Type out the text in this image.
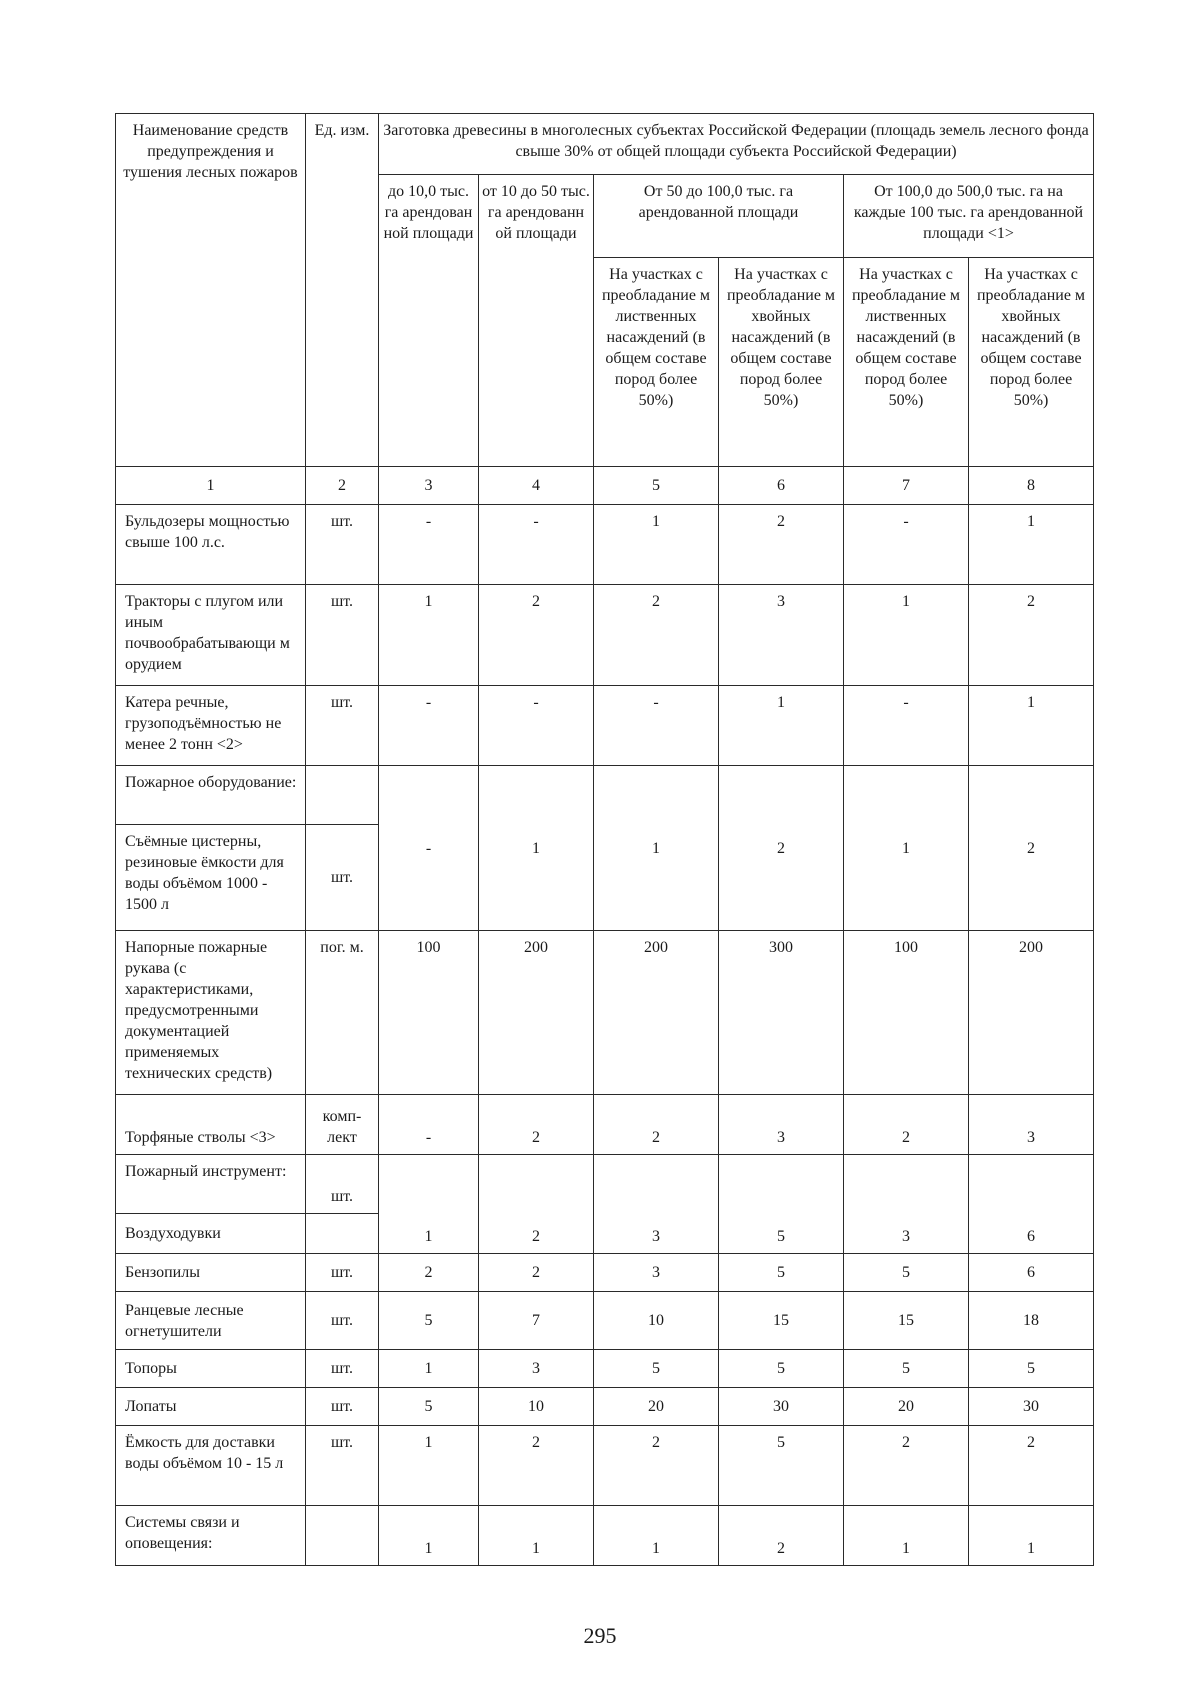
Наименование средств предупреждения и тушения лесных пожаров	Ед. изм.	Заготовка древесины в многолесных субъектах Российской Федерации (площадь земель лесного фонда свыше 30% от общей площади субъекта Российской Федерации)					
		до 10,0 тыс. га арендован ной площади	от 10 до 50 тыс. га арендованн ой площади	От 50 до 100,0 тыс. га арендованной площади		От 100,0 до 500,0 тыс. га на каждые 100 тыс. га арендованной площади <1>	
				На участках с преобладание м лиственных насаждений (в общем составе пород более 50%)	На участках с преобладание м хвойных насаждений (в общем составе пород более 50%)	На участках с преобладание м лиственных насаждений (в общем составе пород более 50%)	На участках с преобладание м хвойных насаждений (в общем составе пород более 50%)
1	2	3	4	5	6	7	8
Бульдозеры мощностью свыше 100 л.с.	шт.	-	-	1	2	-	1
Тракторы с плугом или иным почвообрабатывающи м орудием	шт.	1	2	2	3	1	2
Катера речные, грузоподъёмностью не менее 2 тонн <2>	шт.	-	-	-	1	-	1
Пожарное оборудование:		-	1	1	2	1	2
Съёмные цистерны, резиновые ёмкости для воды объёмом 1000 - 1500 л	шт.						
Напорные пожарные рукава (с характеристиками, предусмотренными документацией применяемых технических средств)	пог. м.	100	200	200	300	100	200
Торфяные стволы <3>	комп- лект	-	2	2	3	2	3
Пожарный инструмент:	шт.	1	2	3	5	3	6
Воздуходувки							
Бензопилы	шт.	2	2	3	5	5	6
Ранцевые лесные огнетушители	шт.	5	7	10	15	15	18
Топоры	шт.	1	3	5	5	5	5
Лопаты	шт.	5	10	20	30	20	30
Ёмкость для доставки воды объёмом 10 - 15 л	шт.	1	2	2	5	2	2
Системы связи и оповещения:		1	1	1	2	1	1
295
